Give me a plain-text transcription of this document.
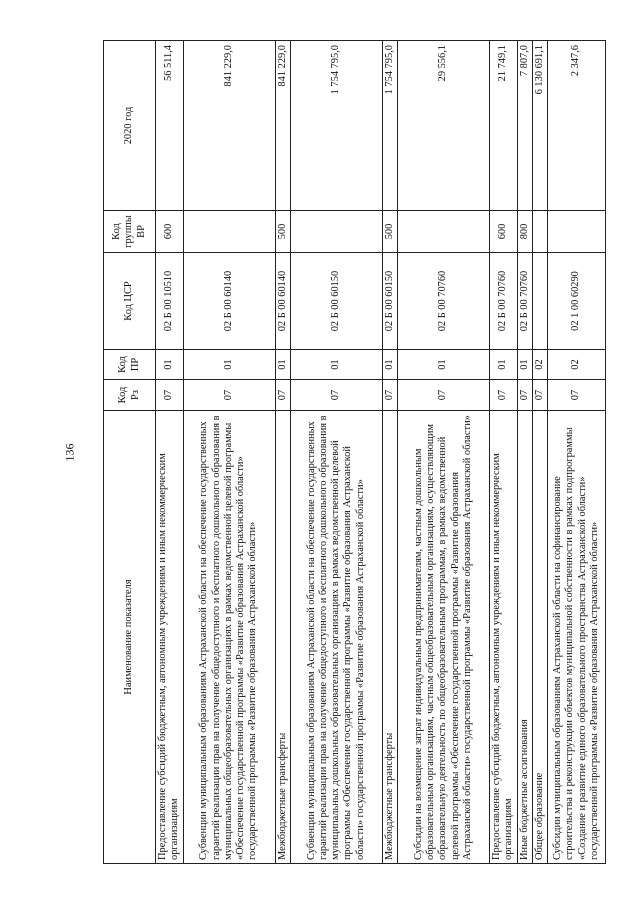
136
Наименование показателя	Код Рз	Код ПР	Код ЦСР	Код группы ВР	2020 год
Предоставление субсидий бюджетным, автономным учреждениям и иным некоммерческим организациям	07	01	02 Б 00 10510	600	56 511,4
Субвенции муниципальным образованиям Астраханской области на обеспечение государственных гарантий реализации прав на получение общедоступного и бесплатного дошкольного образования в муниципальных общеобразовательных организациях в рамках ведомственной целевой программы «Обеспечение государственной программы «Развитие образования Астраханской области» государственной программы «Развитие образования Астраханской области»	07	01	02 Б 00 60140		841 229,0
Межбюджетные трансферты	07	01	02 Б 00 60140	500	841 229,0
Субвенции муниципальным образованиям Астраханской области на обеспечение государственных гарантий реализации прав на получение общедоступного и бесплатного дошкольного образования в муниципальных дошкольных образовательных организациях в рамках ведомственной целевой программы «Обеспечение государственной программы «Развитие образования Астраханской области» государственной программы «Развитие образования Астраханской области»	07	01	02 Б 00 60150		1 754 795,0
Межбюджетные трансферты	07	01	02 Б 00 60150	500	1 754 795,0
Субсидии на возмещение затрат индивидуальным предпринимателям, частным дошкольным образовательным организациям, частным общеобразовательным организациям, осуществляющим образовательную деятельность по общеобразовательным программам, в рамках ведомственной целевой программы «Обеспечение государственной программы «Развитие образования Астраханской области» государственной программы «Развитие образования Астраханской области»	07	01	02 Б 00 70760		29 556,1
Предоставление субсидий бюджетным, автономным учреждениям и иным некоммерческим организациям	07	01	02 Б 00 70760	600	21 749,1
Иные бюджетные ассигнования	07	01	02 Б 00 70760	800	7 807,0
Общее образование	07	02			6 130 691,1
Субсидии муниципальным образованиям Астраханской области на софинансирование строительства и реконструкции объектов муниципальной собственности в рамках подпрограммы «Создание и развитие единого образовательного пространства Астраханской области» государственной программы «Развитие образования Астраханской области»	07	02	02 1 00 60290		2 347,6
